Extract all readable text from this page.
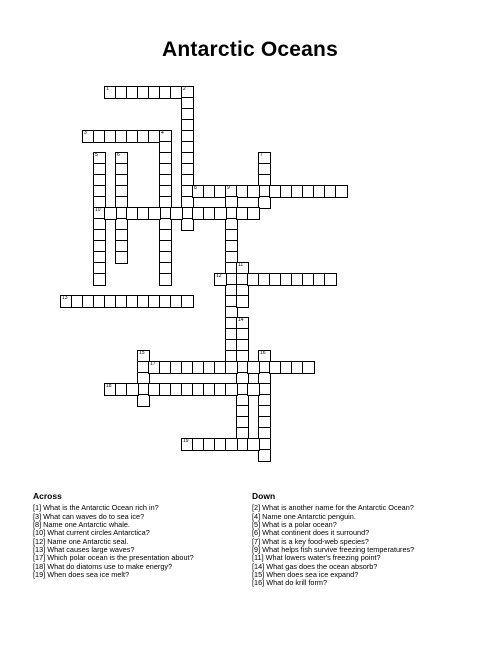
Antarctic Oceans
1	2
3	4
5
10
6	7
8	9
11
12
13
14
15	16
17
18
19
Across
[1] What is the Antarctic Ocean rich in?
[3] What can waves do to sea ice?
[8] Name one Antarctic whale.
[10] What current circles Antarctica?
[12] Name one Antarctic seal.
[13] What causes large waves?
[17] Which polar ocean is the presentation about?
[18] What do diatoms use to make energy?
[19] When does sea ice melt?
Down
[2] What is another name for the Antarctic Ocean?
[4] Name one Antarctic penguin.
[5] What is a polar ocean?
[6] What continent does it surround?
[7] What is a key food-web species?
[9] What helps fish survive freezing temperatures?
[11] What lowers water's freezing point?
[14] What gas does the ocean absorb?
[15] When does sea ice expand?
[16] What do krill form?
